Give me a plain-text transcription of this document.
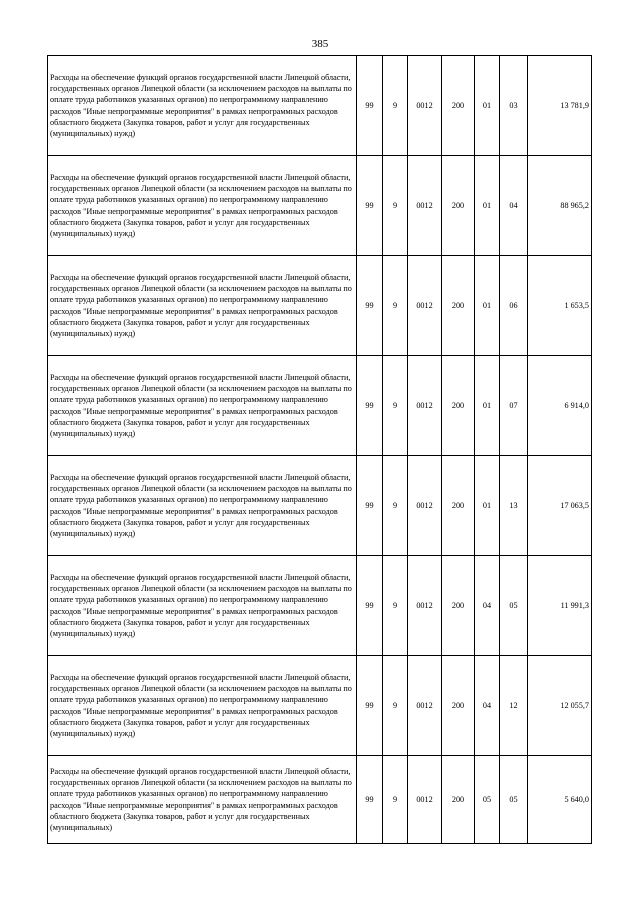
385
Расходы на обеспечение функций органов государственной власти Липецкой области, государственных органов Липецкой области (за исключением расходов на выплаты по оплате труда работников указанных органов) по непрограммному направлению расходов "Иные непрограммные мероприятия" в рамках непрограммных расходов областного бюджета (Закупка товаров, работ и услуг для государственных (муниципальных) нужд)	99	9	0012	200	01	03	13 781,9

Расходы на обеспечение функций органов государственной власти Липецкой области, государственных органов Липецкой области (за исключением расходов на выплаты по оплате труда работников указанных органов) по непрограммному направлению расходов "Иные непрограммные мероприятия" в рамках непрограммных расходов областного бюджета (Закупка товаров, работ и услуг для государственных (муниципальных) нужд)	99	9	0012	200	01	04	88 965,2

Расходы на обеспечение функций органов государственной власти Липецкой области, государственных органов Липецкой области (за исключением расходов на выплаты по оплате труда работников указанных органов) по непрограммному направлению расходов "Иные непрограммные мероприятия" в рамках непрограммных расходов областного бюджета (Закупка товаров, работ и услуг для государственных (муниципальных) нужд)	99	9	0012	200	01	06	1 653,5

Расходы на обеспечение функций органов государственной власти Липецкой области, государственных органов Липецкой области (за исключением расходов на выплаты по оплате труда работников указанных органов) по непрограммному направлению расходов "Иные непрограммные мероприятия" в рамках непрограммных расходов областного бюджета (Закупка товаров, работ и услуг для государственных (муниципальных) нужд)	99	9	0012	200	01	07	6 914,0

Расходы на обеспечение функций органов государственной власти Липецкой области, государственных органов Липецкой области (за исключением расходов на выплаты по оплате труда работников указанных органов) по непрограммному направлению расходов "Иные непрограммные мероприятия" в рамках непрограммных расходов областного бюджета (Закупка товаров, работ и услуг для государственных (муниципальных) нужд)	99	9	0012	200	01	13	17 063,5

Расходы на обеспечение функций органов государственной власти Липецкой области, государственных органов Липецкой области (за исключением расходов на выплаты по оплате труда работников указанных органов) по непрограммному направлению расходов "Иные непрограммные мероприятия" в рамках непрограммных расходов областного бюджета (Закупка товаров, работ и услуг для государственных (муниципальных) нужд)	99	9	0012	200	04	05	11 991,3

Расходы на обеспечение функций органов государственной власти Липецкой области, государственных органов Липецкой области (за исключением расходов на выплаты по оплате труда работников указанных органов) по непрограммному направлению расходов "Иные непрограммные мероприятия" в рамках непрограммных расходов областного бюджета (Закупка товаров, работ и услуг для государственных (муниципальных) нужд)	99	9	0012	200	04	12	12 055,7

Расходы на обеспечение функций органов государственной власти Липецкой области, государственных органов Липецкой области (за исключением расходов на выплаты по оплате труда работников указанных органов) по непрограммному направлению расходов "Иные непрограммные мероприятия" в рамках непрограммных расходов областного бюджета (Закупка товаров, работ и услуг для государственных (муниципальных)	99	9	0012	200	05	05	5 640,0
